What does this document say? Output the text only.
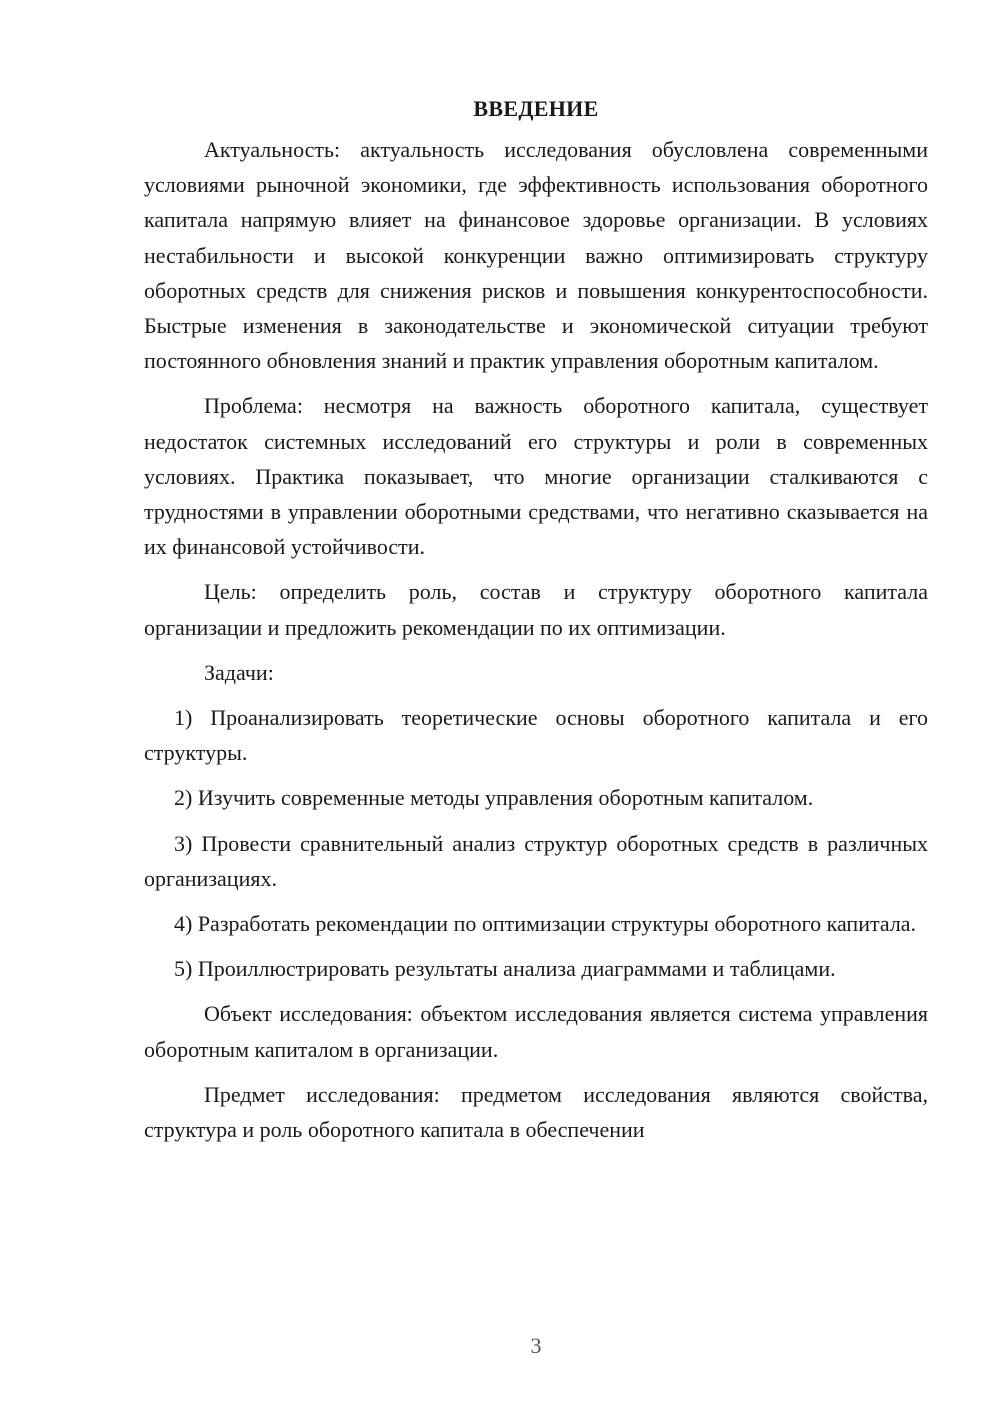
ВВЕДЕНИЕ

Актуальность: актуальность исследования обусловлена современными условиями рыночной экономики, где эффективность использования оборотного капитала напрямую влияет на финансовое здоровье организации. В условиях нестабильности и высокой конкуренции важно оптимизировать структуру оборотных средств для снижения рисков и повышения конкурентоспособности. Быстрые изменения в законодательстве и экономической ситуации требуют постоянного обновления знаний и практик управления оборотным капиталом.

Проблема: несмотря на важность оборотного капитала, существует недостаток системных исследований его структуры и роли в современных условиях. Практика показывает, что многие организации сталкиваются с трудностями в управлении оборотными средствами, что негативно сказывается на их финансовой устойчивости.

Цель: определить роль, состав и структуру оборотного капитала организации и предложить рекомендации по их оптимизации.

Задачи:

1) Проанализировать теоретические основы оборотного капитала и его структуры.

2) Изучить современные методы управления оборотным капиталом.

3) Провести сравнительный анализ структур оборотных средств в различных организациях.

4) Разработать рекомендации по оптимизации структуры оборотного капитала.

5) Проиллюстрировать результаты анализа диаграммами и таблицами.

Объект исследования: объектом исследования является система управления оборотным капиталом в организации.

Предмет исследования: предметом исследования являются свойства, структура и роль оборотного капитала в обеспечении

3
